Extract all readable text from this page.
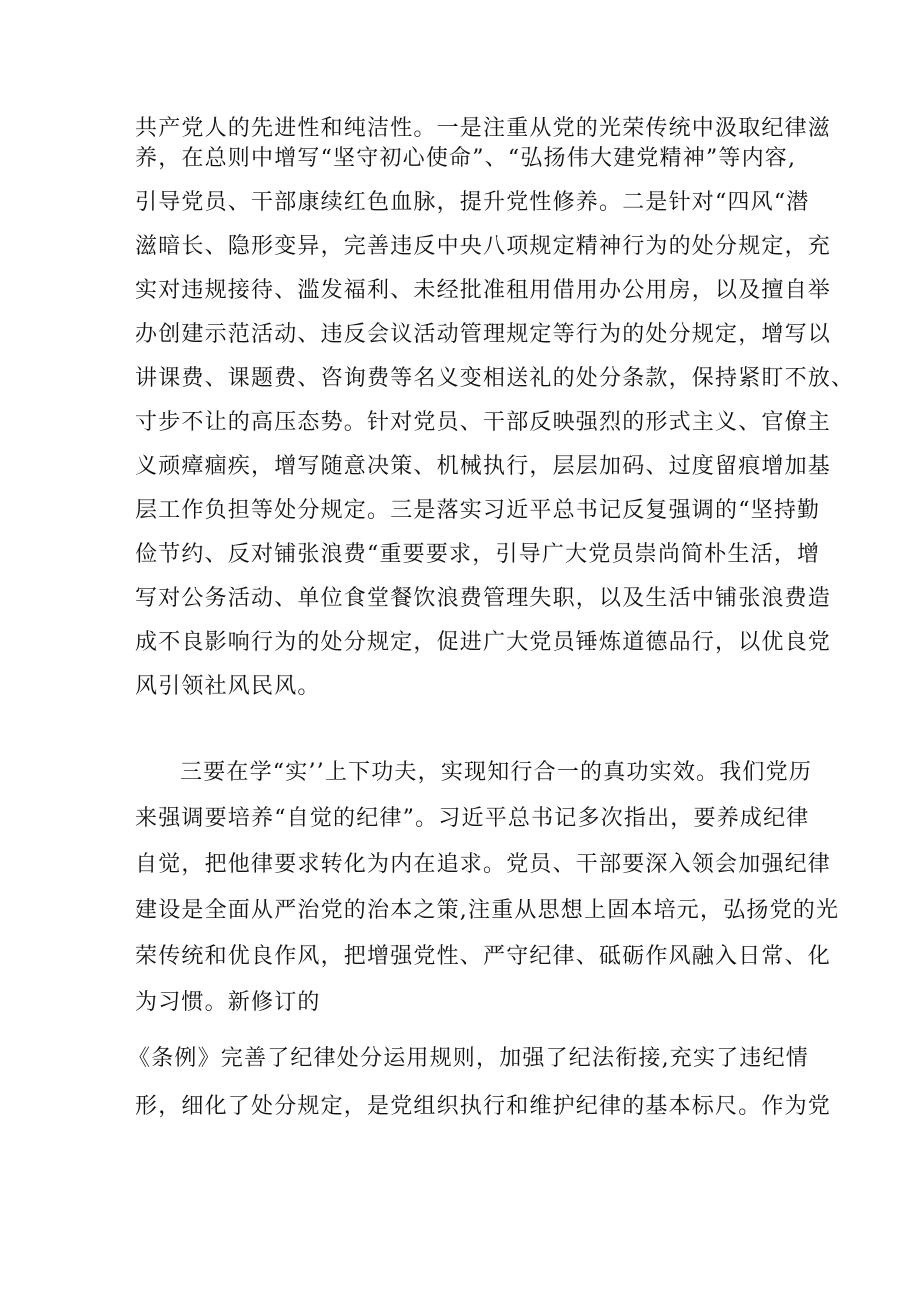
共产党人的先进性和纯洁性。一是注重从党的光荣传统中汲取纪律滋
养，在总则中增写“坚守初心使命”、“弘扬伟大建党精神”等内容,
引导党员、干部康续红色血脉，提升党性修养。二是针对“四风“潜
滋暗长、隐形变异，完善违反中央八项规定精神行为的处分规定，充
实对违规接待、滥发福利、未经批准租用借用办公用房，以及擅自举
办创建示范活动、违反会议活动管理规定等行为的处分规定，增写以
讲课费、课题费、咨询费等名义变相送礼的处分条款，保持紧盯不放、
寸步不让的高压态势。针对党员、干部反映强烈的形式主义、官僚主
义顽瘴痼疾，增写随意决策、机械执行，层层加码、过度留痕增加基
层工作负担等处分规定。三是落实习近平总书记反复强调的“坚持勤
俭节约、反对铺张浪费“重要要求，引导广大党员崇尚简朴生活，增
写对公务活动、单位食堂餐饮浪费管理失职，以及生活中铺张浪费造
成不良影响行为的处分规定，促进广大党员锤炼道德品行，以优良党
风引领社风民风。
三要在学“实’’上下功夫，实现知行合一的真功实效。我们党历
来强调要培养“自觉的纪律”。习近平总书记多次指出，要养成纪律
自觉，把他律要求转化为内在追求。党员、干部要深入领会加强纪律
建设是全面从严治党的治本之策,注重从思想上固本培元，弘扬党的光
荣传统和优良作风，把增强党性、严守纪律、砥砺作风融入日常、化
为习惯。新修订的
《条例》完善了纪律处分运用规则，加强了纪法衔接,充实了违纪情
形，细化了处分规定，是党组织执行和维护纪律的基本标尺。作为党
